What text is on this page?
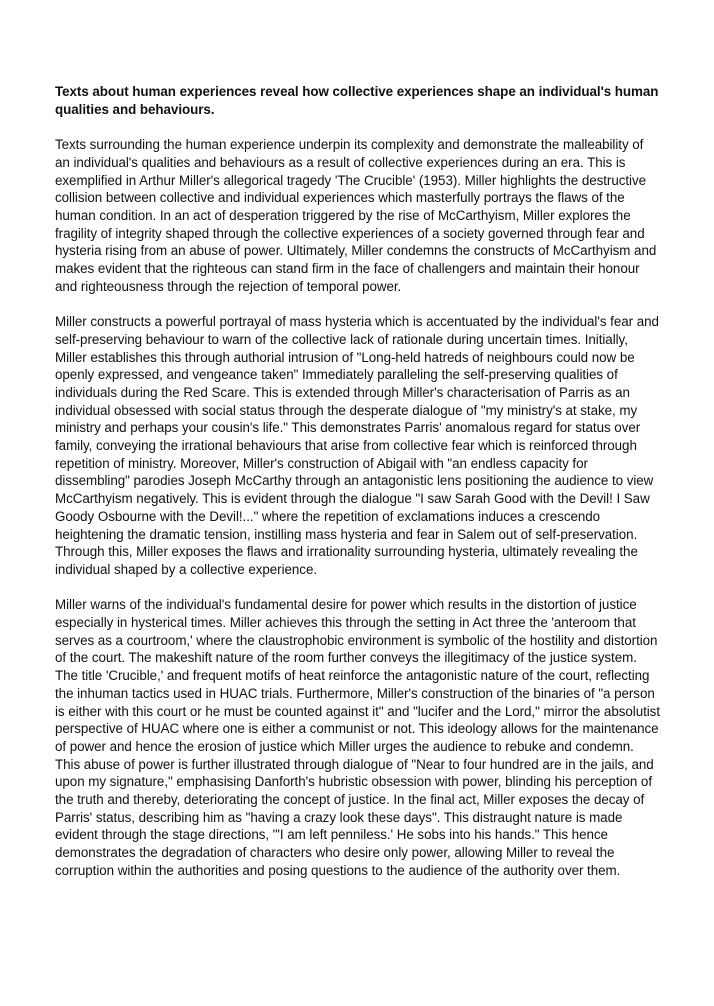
Texts about human experiences reveal how collective experiences shape an individual's human qualities and behaviours.

Texts surrounding the human experience underpin its complexity and demonstrate the malleability of an individual's qualities and behaviours as a result of collective experiences during an era. This is exemplified in Arthur Miller's allegorical tragedy 'The Crucible' (1953). Miller highlights the destructive collision between collective and individual experiences which masterfully portrays the flaws of the human condition. In an act of desperation triggered by the rise of McCarthyism, Miller explores the fragility of integrity shaped through the collective experiences of a society governed through fear and hysteria rising from an abuse of power. Ultimately, Miller condemns the constructs of McCarthyism and makes evident that the righteous can stand firm in the face of challengers and maintain their honour and righteousness through the rejection of temporal power.

Miller constructs a powerful portrayal of mass hysteria which is accentuated by the individual's fear and self-preserving behaviour to warn of the collective lack of rationale during uncertain times. Initially, Miller establishes this through authorial intrusion of "Long-held hatreds of neighbours could now be openly expressed, and vengeance taken" Immediately paralleling the self-preserving qualities of individuals during the Red Scare. This is extended through Miller's characterisation of Parris as an individual obsessed with social status through the desperate dialogue of "my ministry's at stake, my ministry and perhaps your cousin's life." This demonstrates Parris' anomalous regard for status over family, conveying the irrational behaviours that arise from collective fear which is reinforced through repetition of ministry. Moreover, Miller's construction of Abigail with "an endless capacity for dissembling" parodies Joseph McCarthy through an antagonistic lens positioning the audience to view McCarthyism negatively. This is evident through the dialogue "I saw Sarah Good with the Devil! I Saw Goody Osbourne with the Devil!..." where the repetition of exclamations induces a crescendo heightening the dramatic tension, instilling mass hysteria and fear in Salem out of self-preservation. Through this, Miller exposes the flaws and irrationality surrounding hysteria, ultimately revealing the individual shaped by a collective experience.

Miller warns of the individual's fundamental desire for power which results in the distortion of justice especially in hysterical times. Miller achieves this through the setting in Act three the 'anteroom that serves as a courtroom,' where the claustrophobic environment is symbolic of the hostility and distortion of the court. The makeshift nature of the room further conveys the illegitimacy of the justice system. The title 'Crucible,' and frequent motifs of heat reinforce the antagonistic nature of the court, reflecting the inhuman tactics used in HUAC trials. Furthermore, Miller's construction of the binaries of "a person is either with this court or he must be counted against it" and "lucifer and the Lord," mirror the absolutist perspective of HUAC where one is either a communist or not. This ideology allows for the maintenance of power and hence the erosion of justice which Miller urges the audience to rebuke and condemn. This abuse of power is further illustrated through dialogue of "Near to four hundred are in the jails, and upon my signature," emphasising Danforth's hubristic obsession with power, blinding his perception of the truth and thereby, deteriorating the concept of justice. In the final act, Miller exposes the decay of Parris' status, describing him as "having a crazy look these days". This distraught nature is made evident through the stage directions, "'I am left penniless.' He sobs into his hands." This hence demonstrates the degradation of characters who desire only power, allowing Miller to reveal the corruption within the authorities and posing questions to the audience of the authority over them.
